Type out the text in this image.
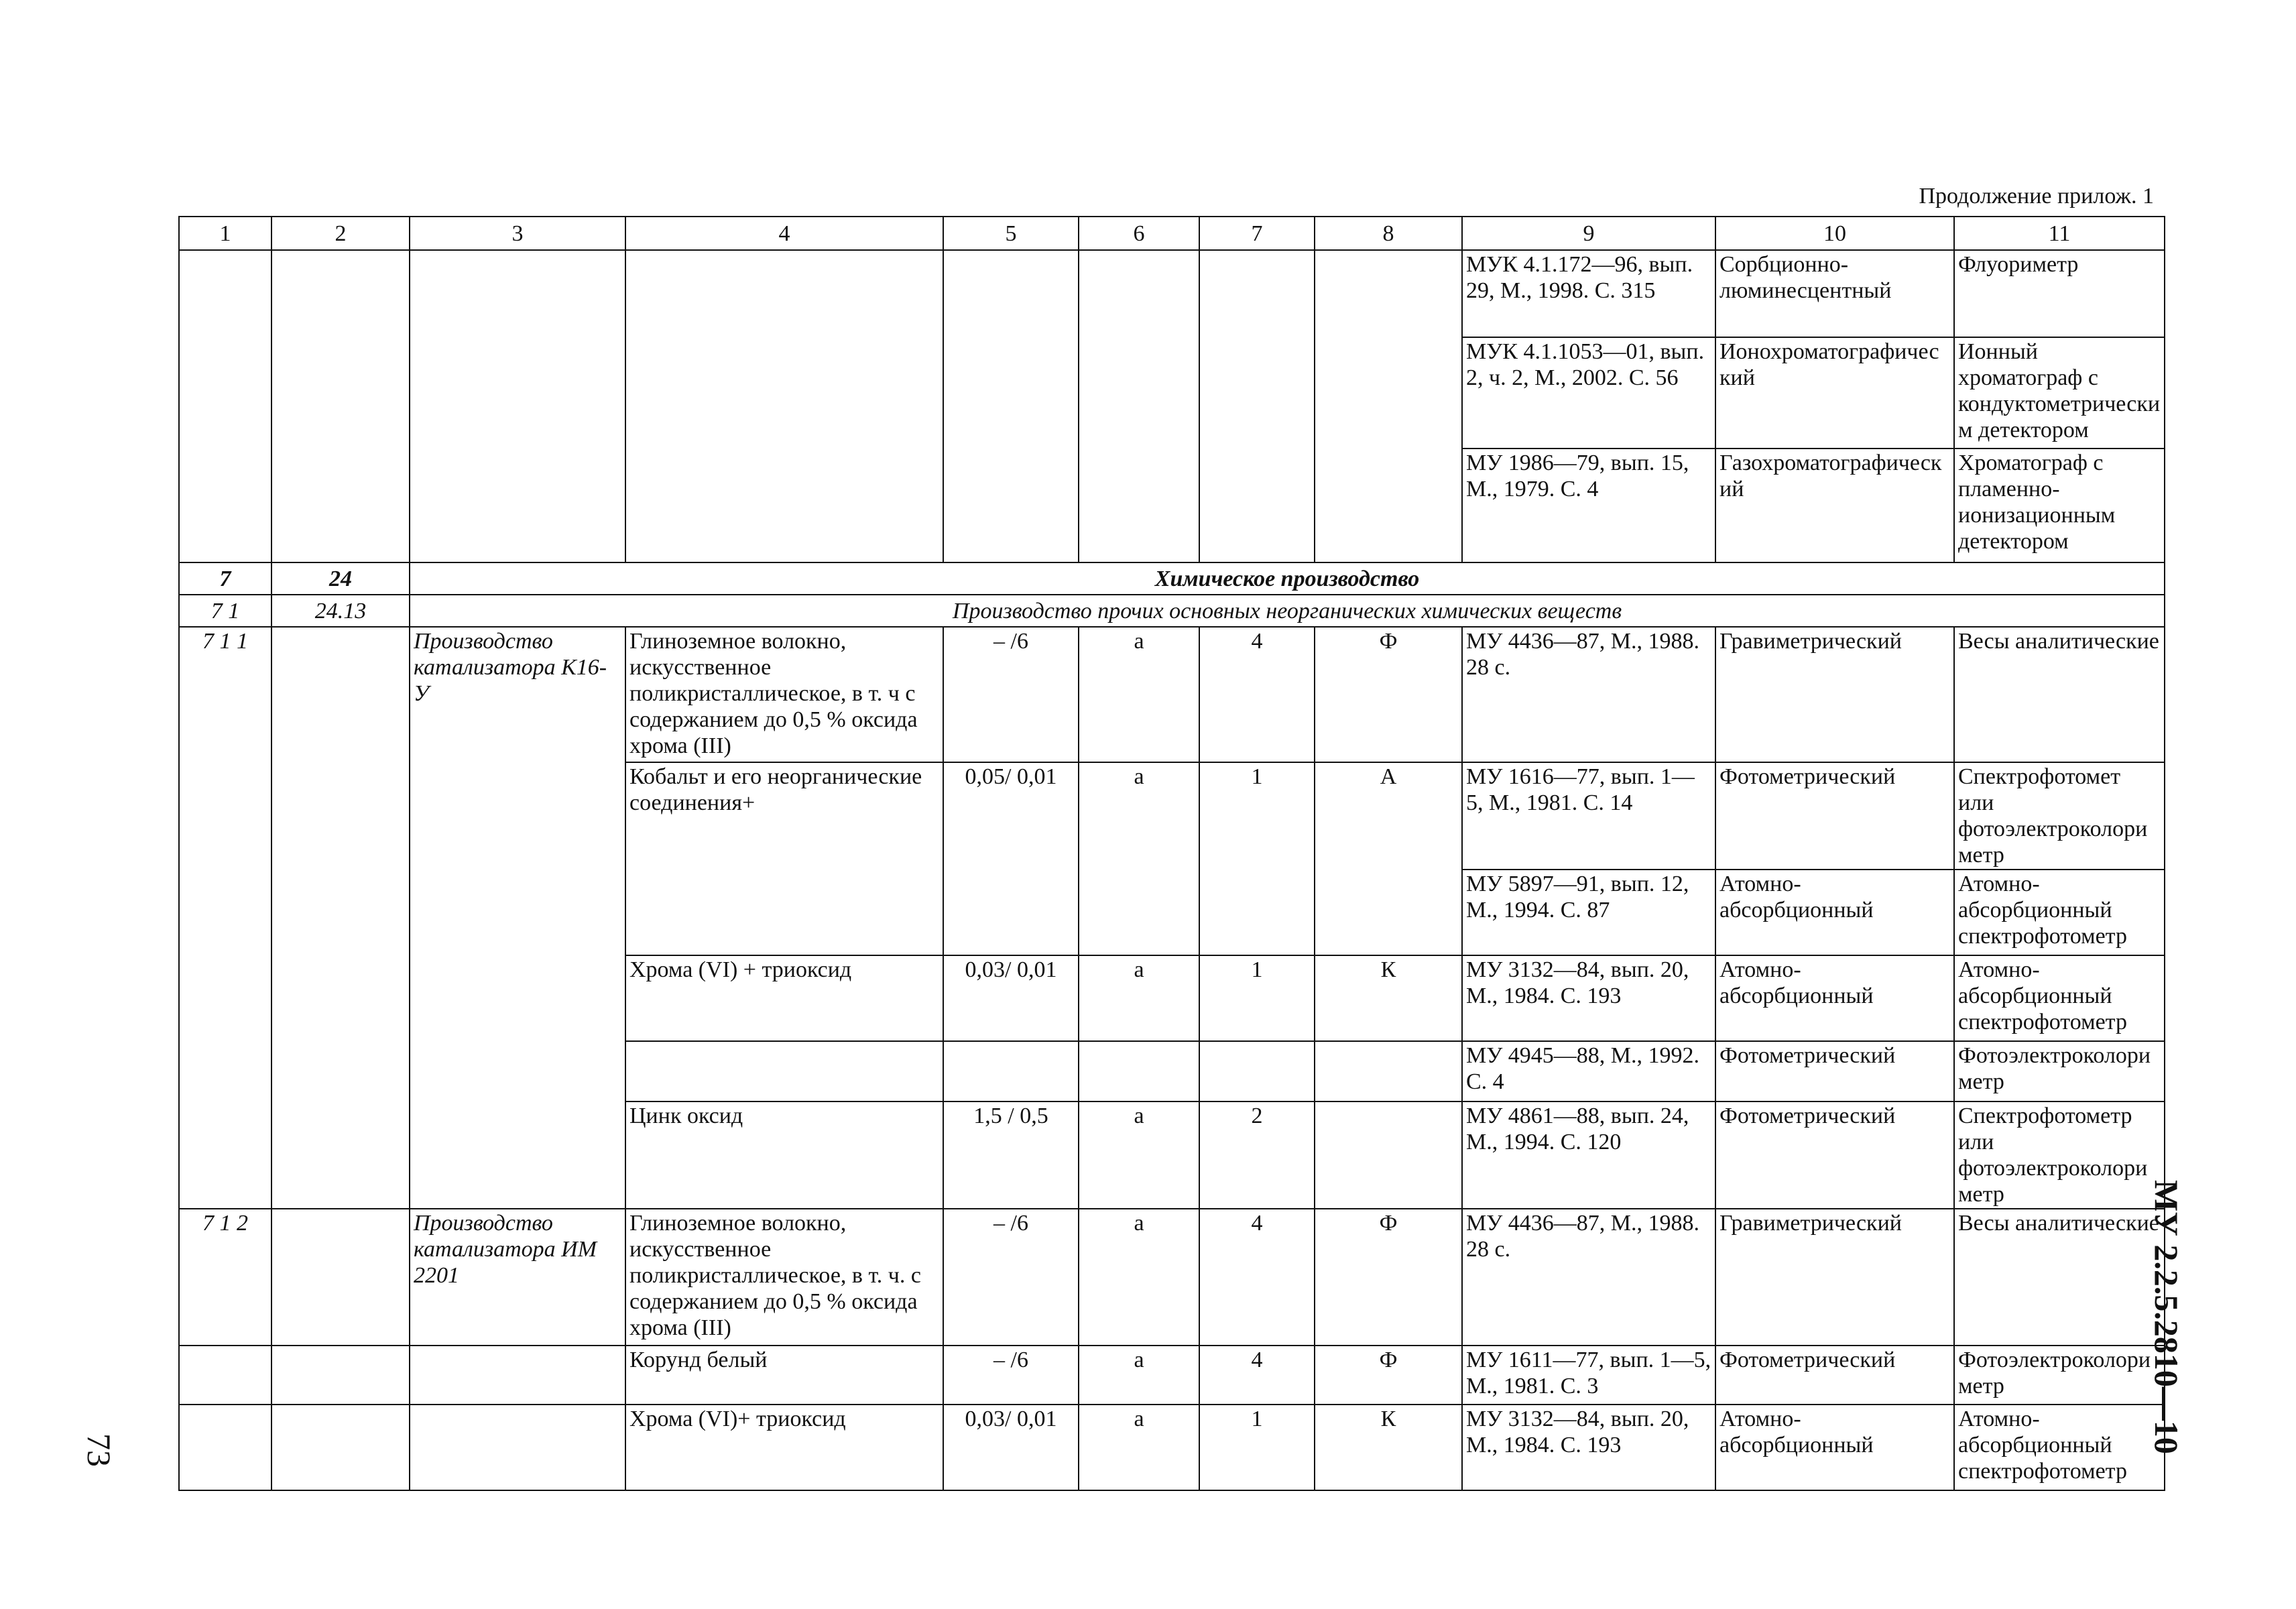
Продолжение прилож. 1
МУ 2.2.5.2810—10
73
1	2	3	4	5	6	7	8	9	10	11
								МУК 4.1.172—96, вып. 29, М., 1998. С. 315	Сорбционно-люминесцентный	Флуориметр
								МУК 4.1.1053—01, вып. 2, ч. 2, М., 2002. С. 56	Ионохроматографический	Ионный хроматограф с кондуктометрическим детектором
								МУ 1986—79, вып. 15, М., 1979. С. 4	Газохроматографический	Хроматограф с пламенно-ионизационным детектором
7	24	Химическое производство								
7 1	24.13	Производство прочих основных неорганических химических веществ								
7 1 1		Производство катализатора К16-У	Глиноземное волокно, искусственное поликристаллическое, в т. ч с содержанием до 0,5 % оксида хрома (III)	– /6	а	4	Ф	МУ 4436—87, М., 1988. 28 с.	Гравиметрический	Весы аналитические
			Кобальт и его неорганические соединения+	0,05/ 0,01	а	1	А	МУ 1616—77, вып. 1—5, М., 1981. С. 14	Фотометрический	Спектрофотомет или фотоэлектроколориметр
								МУ 5897—91, вып. 12, М., 1994. С. 87	Атомно-абсорбционный	Атомно-абсорбционный спектрофотометр
			Хрома (VI) + триоксид	0,03/ 0,01	а	1	К	МУ 3132—84, вып. 20, М., 1984. С. 193	Атомно-абсорбционный	Атомно-абсорбционный спектрофотометр
								МУ 4945—88, М., 1992. С. 4	Фотометрический	Фотоэлектроколориметр
			Цинк оксид	1,5 / 0,5	а	2		МУ 4861—88, вып. 24, М., 1994. С. 120	Фотометрический	Спектрофотометр или фотоэлектроколориметр
7 1 2		Производство катализатора ИМ 2201	Глиноземное волокно, искусственное поликристаллическое, в т. ч. с содержанием до 0,5 % оксида хрома (III)	– /6	а	4	Ф	МУ 4436—87, М., 1988. 28 с.	Гравиметрический	Весы аналитические
			Корунд белый	– /6	а	4	Ф	МУ 1611—77, вып. 1—5, М., 1981. С. 3	Фотометрический	Фотоэлектроколориметр
			Хрома (VI)+ триоксид	0,03/ 0,01	а	1	К	МУ 3132—84, вып. 20, М., 1984. С. 193	Атомно-абсорбционный	Атомно-абсорбционный спектрофотометр
